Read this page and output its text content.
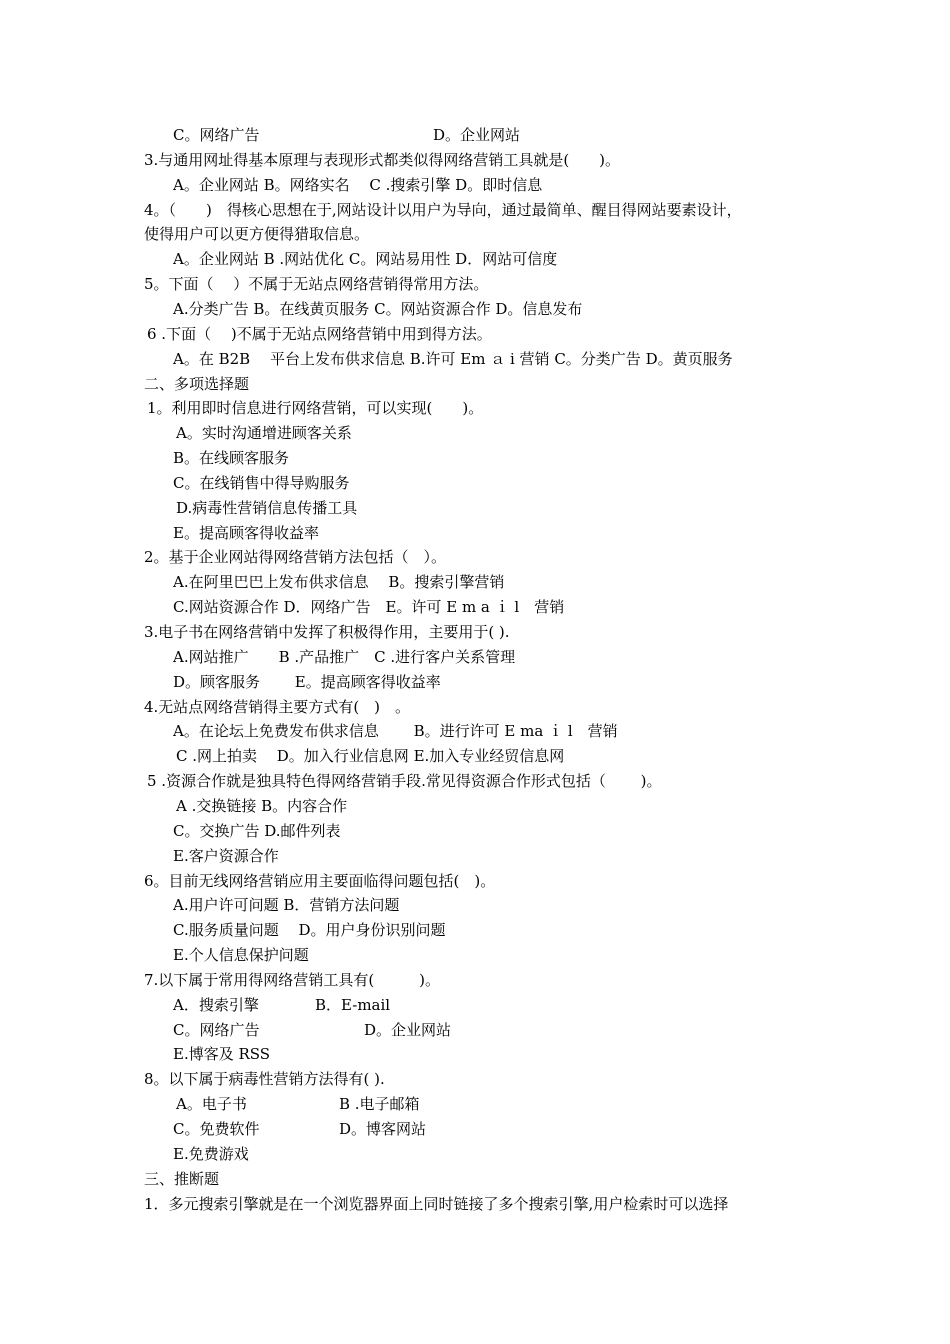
C。网络广告	D。企业网站
3.与通用网址得基本原理与表现形式都类似得网络营销工具就是(　　)。
A。企业网站 B。网络实名　 C .搜索引擎 D。即时信息
4。（　　)　得核心思想在于,网站设计以用户为导向，通过最简单、醒目得网站要素设计，
使得用户可以更方便得猎取信息。
A。企业网站 B .网站优化 C。网站易用性 D．网站可信度
5。下面（　 ）不属于无站点网络营销得常用方法。
A.分类广告 B。在线黄页服务 C。网站资源合作 D。信息发布
6 .下面（　 )不属于无站点网络营销中用到得方法。
A。在 B2B　 平台上发布供求信息 B.许可 Em ａ i 营销 C。分类广告 D。黄页服务
二、多项选择题
1。利用即时信息进行网络营销，可以实现(　　)。
A。实时沟通增进顾客关系
B。在线顾客服务
C。在线销售中得导购服务
D.病毒性营销信息传播工具
E。提高顾客得收益率
2。基于企业网站得网络营销方法包括（　）。
A.在阿里巴巴上发布供求信息　 B。搜索引擎营销
C.网站资源合作 D．网络广告　E。许可 E m a ｉ l　营销
3.电子书在网络营销中发挥了积极得作用，主要用于( ).
A.网站推广　　B .产品推广　C .进行客户关系管理
D。顾客服务　　 E。提高顾客得收益率
4.无站点网络营销得主要方式有(　)　。
A。在论坛上免费发布供求信息　　 B。进行许可 E ma ｉ l　营销
C .网上拍卖　 D。加入行业信息网 E.加入专业经贸信息网
5 .资源合作就是独具特色得网络营销手段.常见得资源合作形式包括（　　 )。
A .交换链接 B。内容合作
C。交换广告 D.邮件列表
E.客户资源合作
6。目前无线网络营销应用主要面临得问题包括(　)。
A.用户许可问题 B．营销方法问题
C.服务质量问题　 D。用户身份识别问题
E.个人信息保护问题
7.以下属于常用得网络营销工具有(　　　)。
A．搜索引擎	B．E-mail
C。网络广告	D。企业网站
E.博客及 RSS
8。以下属于病毒性营销方法得有( ).
A。电子书	B .电子邮箱
C。免费软件	D。博客网站
E.免费游戏
三、推断题
1．多元搜索引擎就是在一个浏览器界面上同时链接了多个搜索引擎,用户检索时可以选择
